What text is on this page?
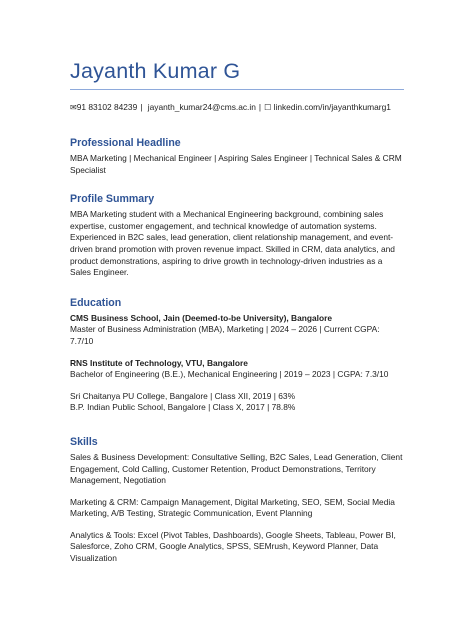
Jayanth Kumar G
✉91 83102 84239 | jayanth_kumar24@cms.ac.in | ☐ linkedin.com/in/jayanthkumarg1
Professional Headline

MBA Marketing | Mechanical Engineer | Aspiring Sales Engineer | Technical Sales & CRM Specialist

Profile Summary

MBA Marketing student with a Mechanical Engineering background, combining sales expertise, customer engagement, and technical knowledge of automation systems. Experienced in B2C sales, lead generation, client relationship management, and event-driven brand promotion with proven revenue impact. Skilled in CRM, data analytics, and product demonstrations, aspiring to drive growth in technology-driven industries as a Sales Engineer.

Education

CMS Business School, Jain (Deemed-to-be University), Bangalore

Master of Business Administration (MBA), Marketing | 2024 – 2026 | Current CGPA: 7.7/10

RNS Institute of Technology, VTU, Bangalore

Bachelor of Engineering (B.E.), Mechanical Engineering | 2019 – 2023 | CGPA: 7.3/10

Sri Chaitanya PU College, Bangalore | Class XII, 2019 | 63%

B.P. Indian Public School, Bangalore | Class X, 2017 | 78.8%

Skills

Sales & Business Development: Consultative Selling, B2C Sales, Lead Generation, Client Engagement, Cold Calling, Customer Retention, Product Demonstrations, Territory Management, Negotiation

Marketing & CRM: Campaign Management, Digital Marketing, SEO, SEM, Social Media Marketing, A/B Testing, Strategic Communication, Event Planning

Analytics & Tools: Excel (Pivot Tables, Dashboards), Google Sheets, Tableau, Power BI, Salesforce, Zoho CRM, Google Analytics, SPSS, SEMrush, Keyword Planner, Data Visualization
